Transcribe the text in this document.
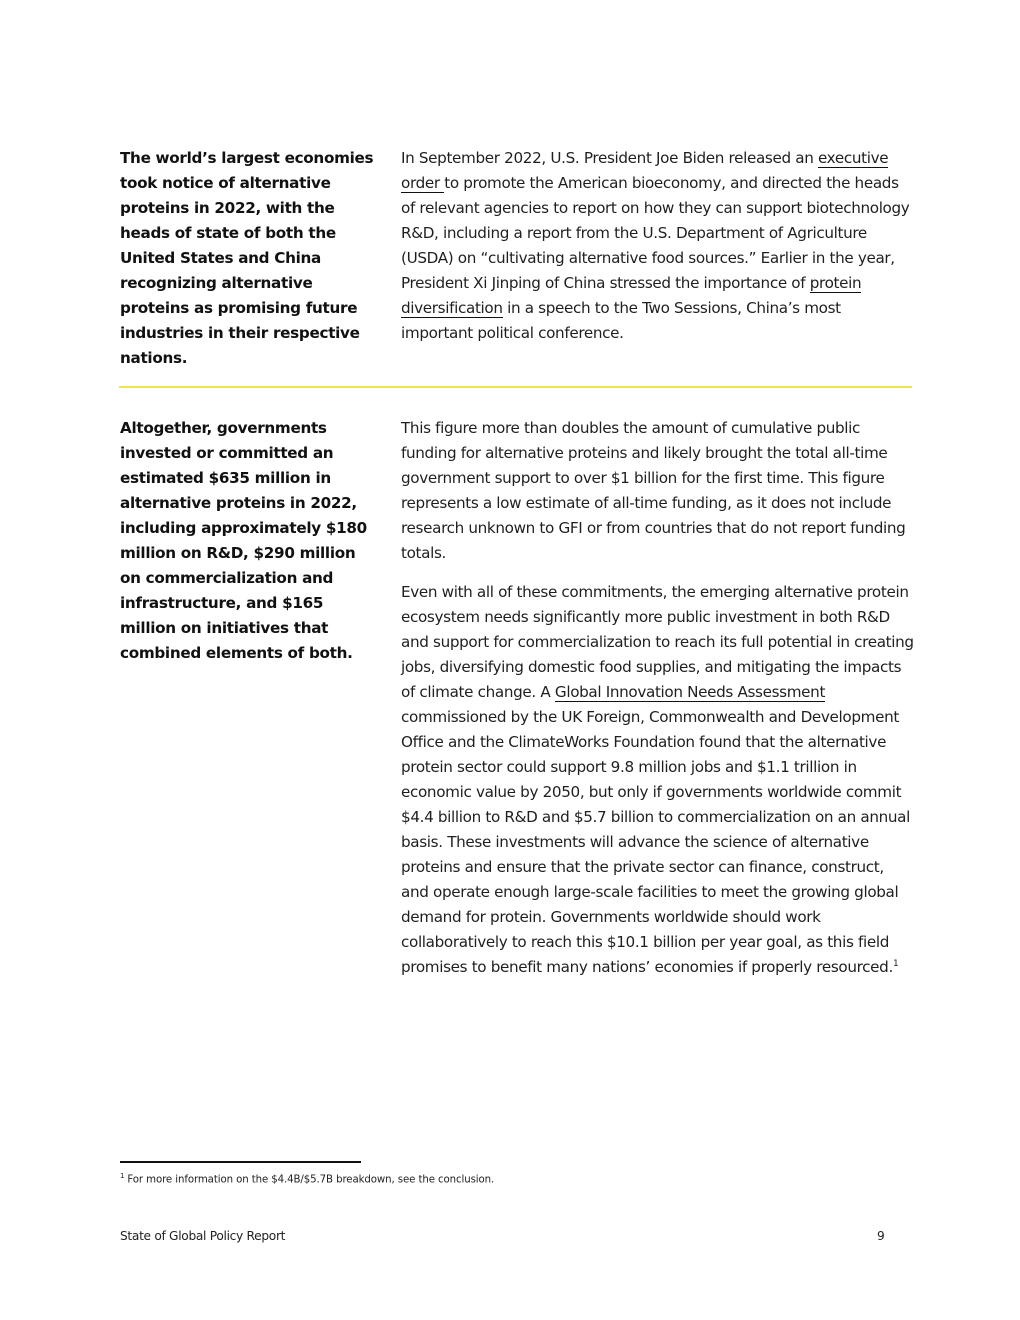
The world’s largest economies took notice of alternative proteins in 2022, with the heads of state of both the United States and China recognizing alternative proteins as promising future industries in their respective nations.

In September 2022, U.S. President Joe Biden released an executive order to promote the American bioeconomy, and directed the heads of relevant agencies to report on how they can support biotechnology R&D, including a report from the U.S. Department of Agriculture (USDA) on “cultivating alternative food sources.” Earlier in the year, President Xi Jinping of China stressed the importance of protein diversification in a speech to the Two Sessions, China’s most important political conference.

Altogether, governments invested or committed an estimated $635 million in alternative proteins in 2022, including approximately $180 million on R&D, $290 million on commercialization and infrastructure, and $165 million on initiatives that combined elements of both.

This figure more than doubles the amount of cumulative public funding for alternative proteins and likely brought the total all-time government support to over $1 billion for the first time. This figure represents a low estimate of all-time funding, as it does not include research unknown to GFI or from countries that do not report funding totals.

Even with all of these commitments, the emerging alternative protein ecosystem needs significantly more public investment in both R&D and support for commercialization to reach its full potential in creating jobs, diversifying domestic food supplies, and mitigating the impacts of climate change. A Global Innovation Needs Assessment commissioned by the UK Foreign, Commonwealth and Development Office and the ClimateWorks Foundation found that the alternative protein sector could support 9.8 million jobs and $1.1 trillion in economic value by 2050, but only if governments worldwide commit $4.4 billion to R&D and $5.7 billion to commercialization on an annual basis. These investments will advance the science of alternative proteins and ensure that the private sector can finance, construct, and operate enough large-scale facilities to meet the growing global demand for protein. Governments worldwide should work collaboratively to reach this $10.1 billion per year goal, as this field promises to benefit many nations’ economies if properly resourced.$^1$

$^1$ For more information on the $4.4B/$5.7B breakdown, see the conclusion.
State of Global Policy Report	9
